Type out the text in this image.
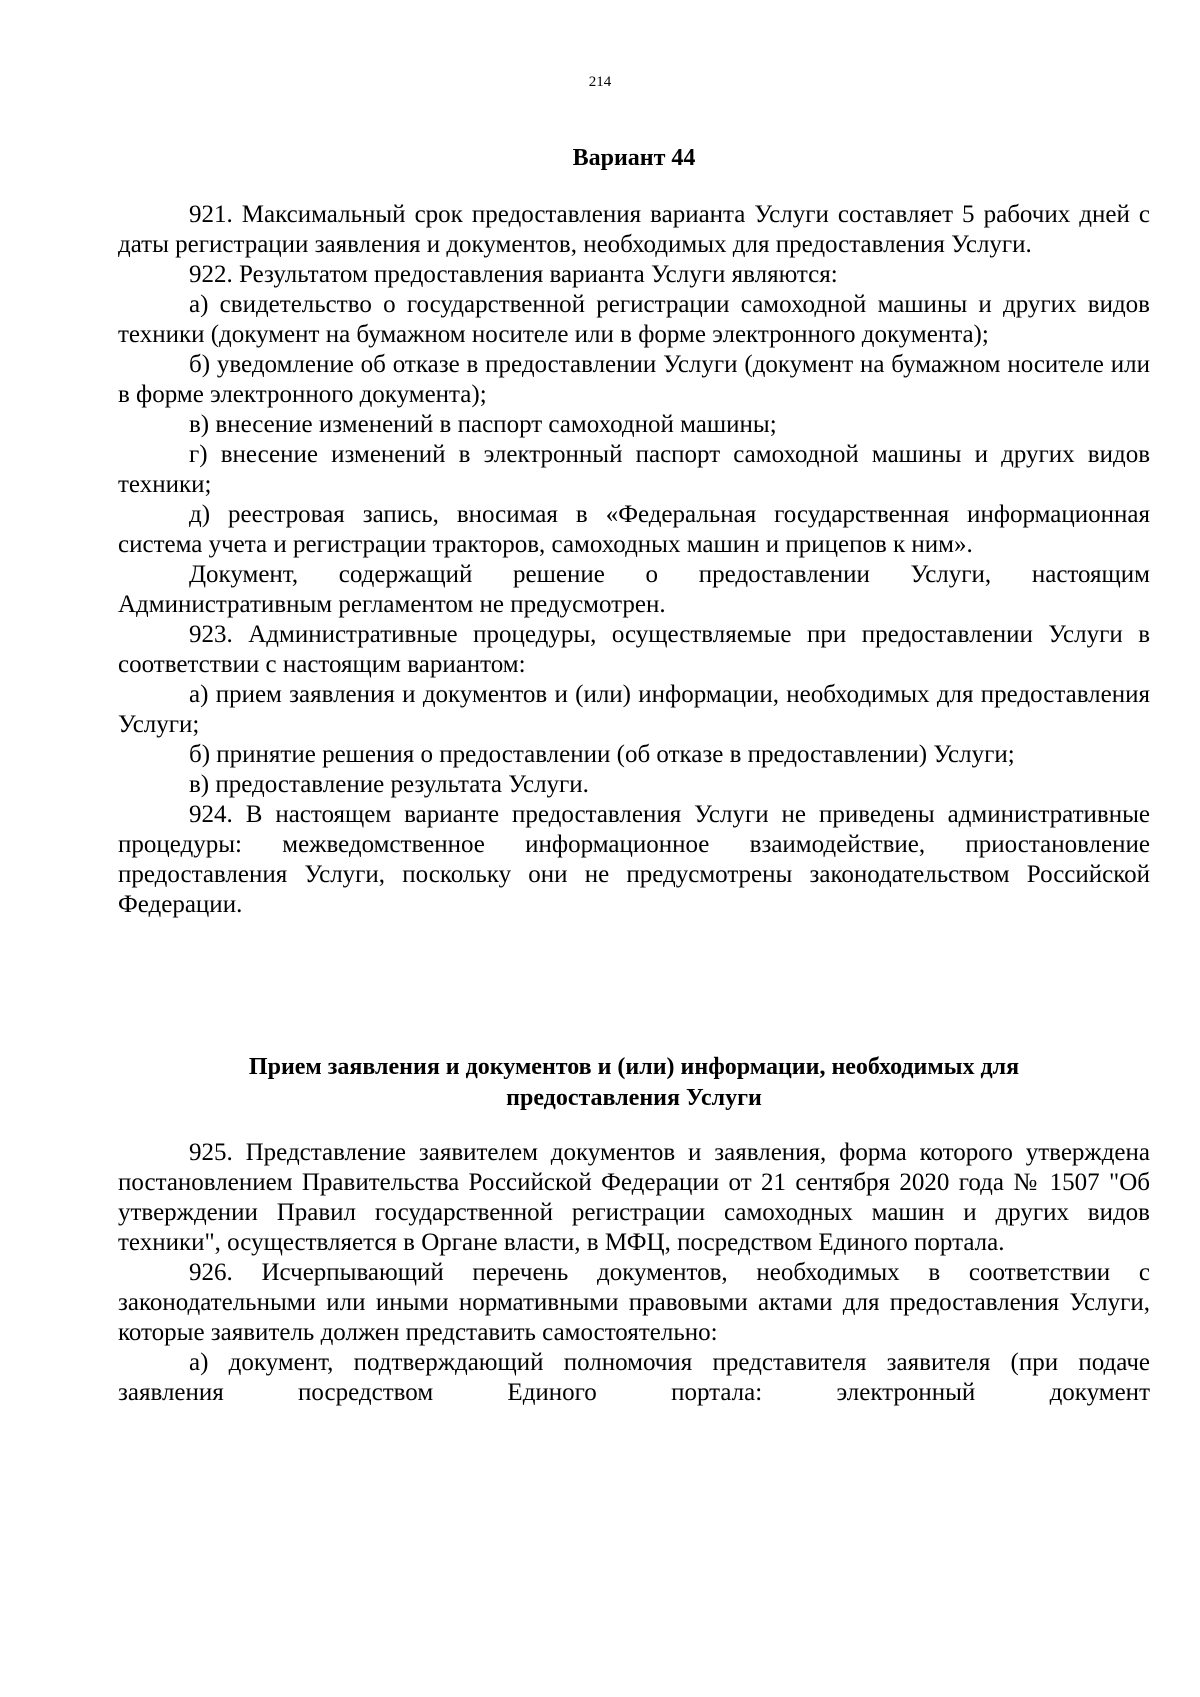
214
Вариант 44

921. Максимальный срок предоставления варианта Услуги составляет 5 рабочих дней с даты регистрации заявления и документов, необходимых для предоставления Услуги.

922. Результатом предоставления варианта Услуги являются:

а) свидетельство о государственной регистрации самоходной машины и других видов техники (документ на бумажном носителе или в форме электронного документа);

б) уведомление об отказе в предоставлении Услуги (документ на бумажном носителе или в форме электронного документа);

в) внесение изменений в паспорт самоходной машины;

г) внесение изменений в электронный паспорт самоходной машины и других видов техники;

д) реестровая запись, вносимая в «Федеральная государственная информационная система учета и регистрации тракторов, самоходных машин и прицепов к ним».

Документ, содержащий решение о предоставлении Услуги, настоящим Административным регламентом не предусмотрен.

923. Административные процедуры, осуществляемые при предоставлении Услуги в соответствии с настоящим вариантом:

а) прием заявления и документов и (или) информации, необходимых для предоставления Услуги;

б) принятие решения о предоставлении (об отказе в предоставлении) Услуги;

в) предоставление результата Услуги.

924. В настоящем варианте предоставления Услуги не приведены административные процедуры: межведомственное информационное взаимодействие, приостановление предоставления Услуги, поскольку они не предусмотрены законодательством Российской Федерации.

Прием заявления и документов и (или) информации, необходимых для
предоставления Услуги

925. Представление заявителем документов и заявления, форма которого утверждена постановлением Правительства Российской Федерации от 21 сентября 2020 года № 1507 "Об утверждении Правил государственной регистрации самоходных машин и других видов техники", осуществляется в Органе власти, в МФЦ, посредством Единого портала.

926. Исчерпывающий перечень документов, необходимых в соответствии с законодательными или иными нормативными правовыми актами для предоставления Услуги, которые заявитель должен представить самостоятельно:

а) документ, подтверждающий полномочия представителя заявителя (при подаче заявления посредством Единого портала: электронный документ
